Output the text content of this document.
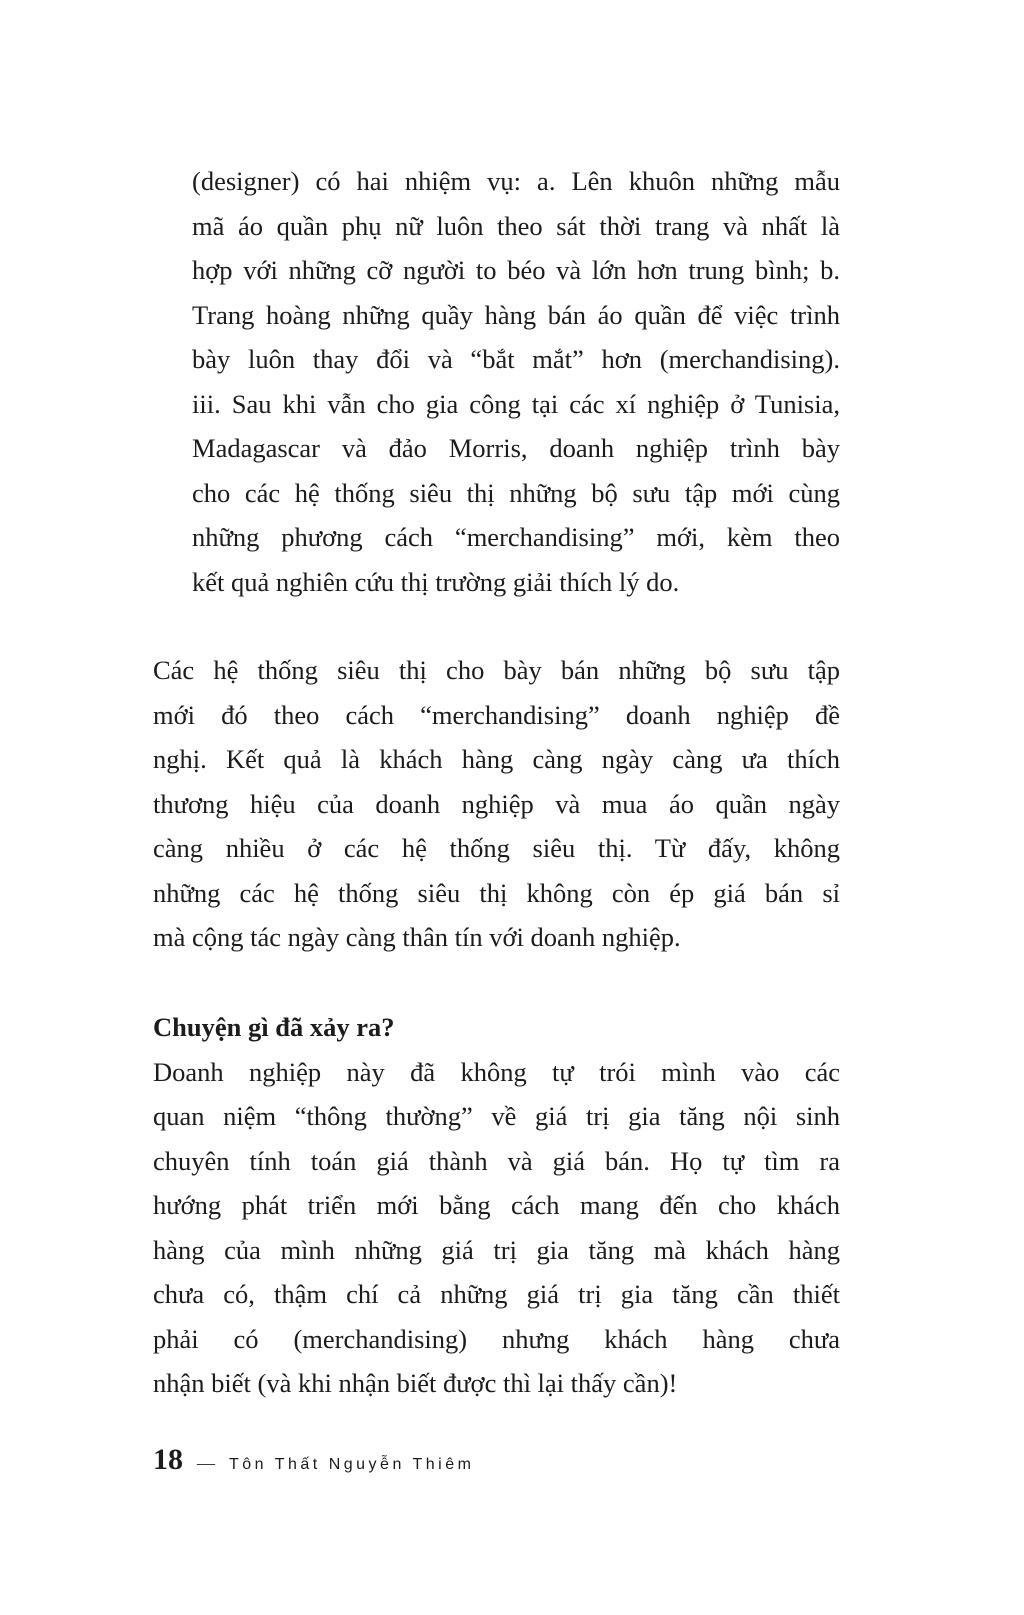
(designer) có hai nhiệm vụ: a. Lên khuôn những mẫu
mã áo quần phụ nữ luôn theo sát thời trang và nhất là
hợp với những cỡ người to béo và lớn hơn trung bình; b.
Trang hoàng những quầy hàng bán áo quần để việc trình
bày luôn thay đổi và “bắt mắt” hơn (merchandising).
iii. Sau khi vẫn cho gia công tại các xí nghiệp ở Tunisia,
Madagascar và đảo Morris, doanh nghiệp trình bày
cho các hệ thống siêu thị những bộ sưu tập mới cùng
những phương cách “merchandising” mới, kèm theo
kết quả nghiên cứu thị trường giải thích lý do.
Các hệ thống siêu thị cho bày bán những bộ sưu tập
mới đó theo cách “merchandising” doanh nghiệp đề
nghị. Kết quả là khách hàng càng ngày càng ưa thích
thương hiệu của doanh nghiệp và mua áo quần ngày
càng nhiều ở các hệ thống siêu thị. Từ đấy, không
những các hệ thống siêu thị không còn ép giá bán sỉ
mà cộng tác ngày càng thân tín với doanh nghiệp.
Chuyện gì đã xảy ra?
Doanh nghiệp này đã không tự trói mình vào các
quan niệm “thông thường” về giá trị gia tăng nội sinh
chuyên tính toán giá thành và giá bán. Họ tự tìm ra
hướng phát triển mới bằng cách mang đến cho khách
hàng của mình những giá trị gia tăng mà khách hàng
chưa có, thậm chí cả những giá trị gia tăng cần thiết
phải có (merchandising) nhưng khách hàng chưa
nhận biết (và khi nhận biết được thì lại thấy cần)!
18 — Tôn Thất Nguyễn Thiêm
